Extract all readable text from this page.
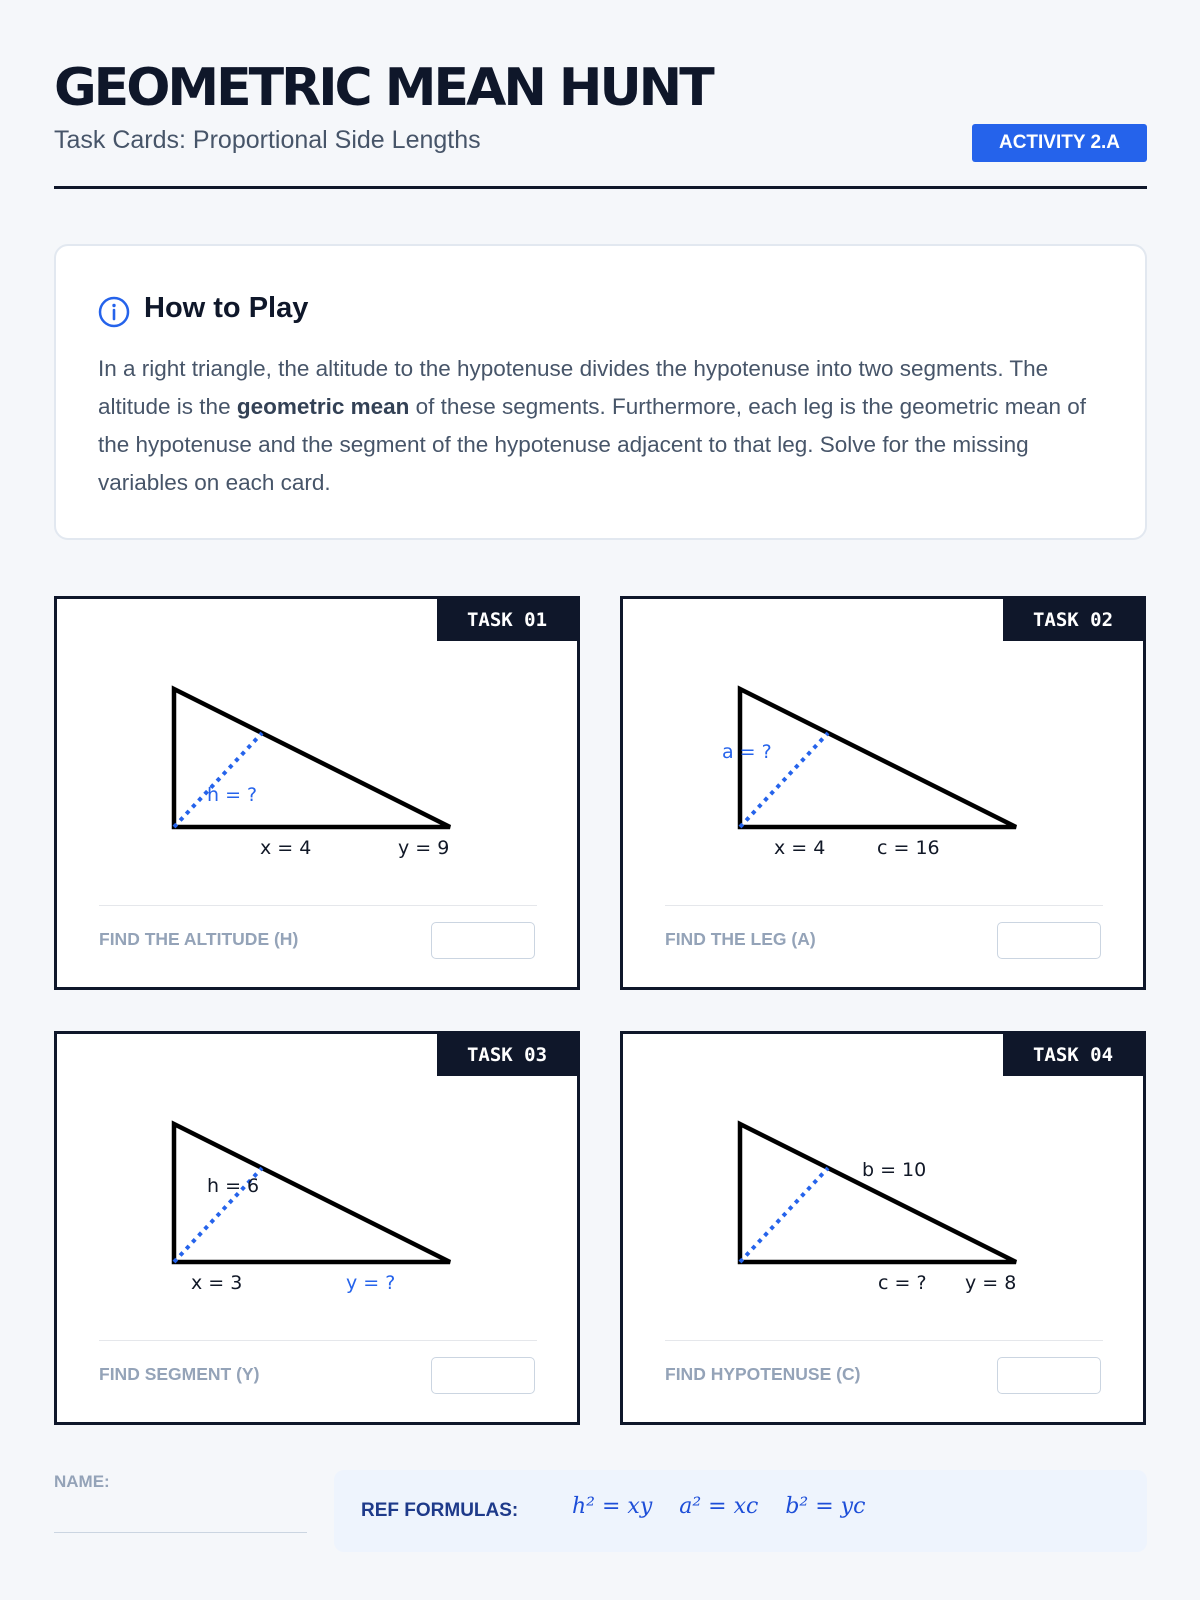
GEOMETRIC MEAN HUNT
Task Cards: Proportional Side Lengths	ACTIVITY 2.A
How to Play
In a right triangle, the altitude to the hypotenuse divides the hypotenuse into two segments. The altitude is the geometric mean of these segments. Furthermore, each leg is the geometric mean of the hypotenuse and the segment of the hypotenuse adjacent to that leg. Solve for the missing variables on each card.
TASK 01
h = ?
x = 4	y = 9
FIND THE ALTITUDE (H)
TASK 02
a = ?
x = 4	c = 16
FIND THE LEG (A)
TASK 03
h = 6
x = 3	y = ?
FIND SEGMENT (Y)
TASK 04
b = 10
c = ? y = 8
FIND HYPOTENUSE (C)
NAME:
REF FORMULAS: h² = xy a² = xc b² = yc
